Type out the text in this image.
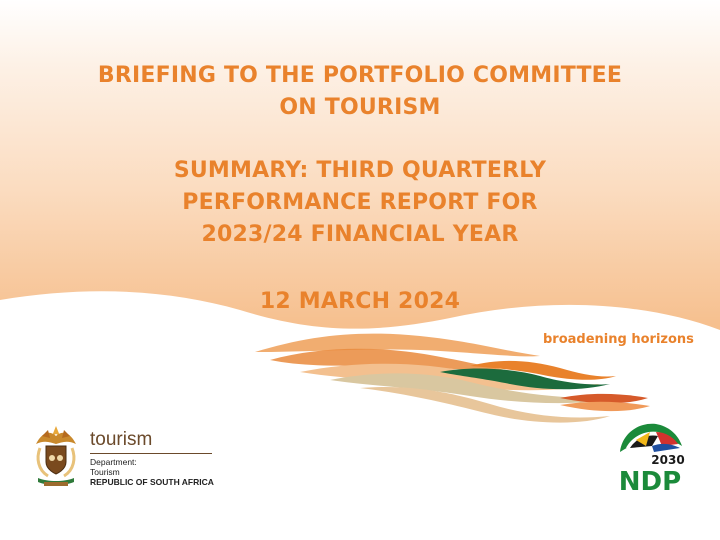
BRIEFING TO THE PORTFOLIO COMMITTEE
ON TOURISM
SUMMARY: THIRD QUARTERLY
PERFORMANCE REPORT FOR
2023/24 FINANCIAL YEAR
12 MARCH 2024
broadening horizons
tourism
Department:
Tourism
REPUBLIC OF SOUTH AFRICA
2030
NDP
